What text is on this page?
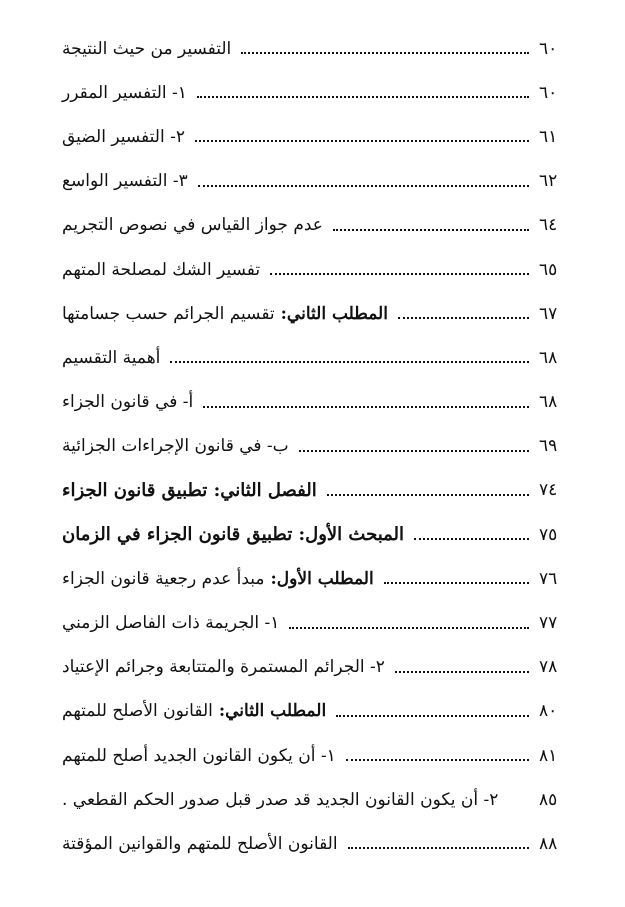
التفسير من حيث النتيجة	٦٠
١- التفسير المقرر	٦٠
٢- التفسير الضيق	٦١
٣- التفسير الواسع	٦٢
عدم جواز القياس في نصوص التجريم	٦٤
تفسير الشك لمصلحة المتهم	٦٥
المطلب الثاني:تقسيم الجرائم حسب جسامتها	٦٧
أهمية التقسيم	٦٨
أ- في قانون الجزاء	٦٨
ب- في قانون الإجراءات الجزائية	٦٩
الفصل الثاني: تطبيق قانون الجزاء	٧٤
المبحث الأول: تطبيق قانون الجزاء في الزمان	٧٥
المطلب الأول:مبدأ عدم رجعية قانون الجزاء	٧٦
١- الجريمة ذات الفاصل الزمني	٧٧
٢- الجرائم المستمرة والمتتابعة وجرائم الإعتياد	٧٨
المطلب الثاني:القانون الأصلح للمتهم	٨٠
١- أن يكون القانون الجديد أصلح للمتهم	٨١
٢- أن يكون القانون الجديد قد صدر قبل صدور الحكم القطعي . ٨٥
القانون الأصلح للمتهم والقوانين المؤقتة	٨٨
